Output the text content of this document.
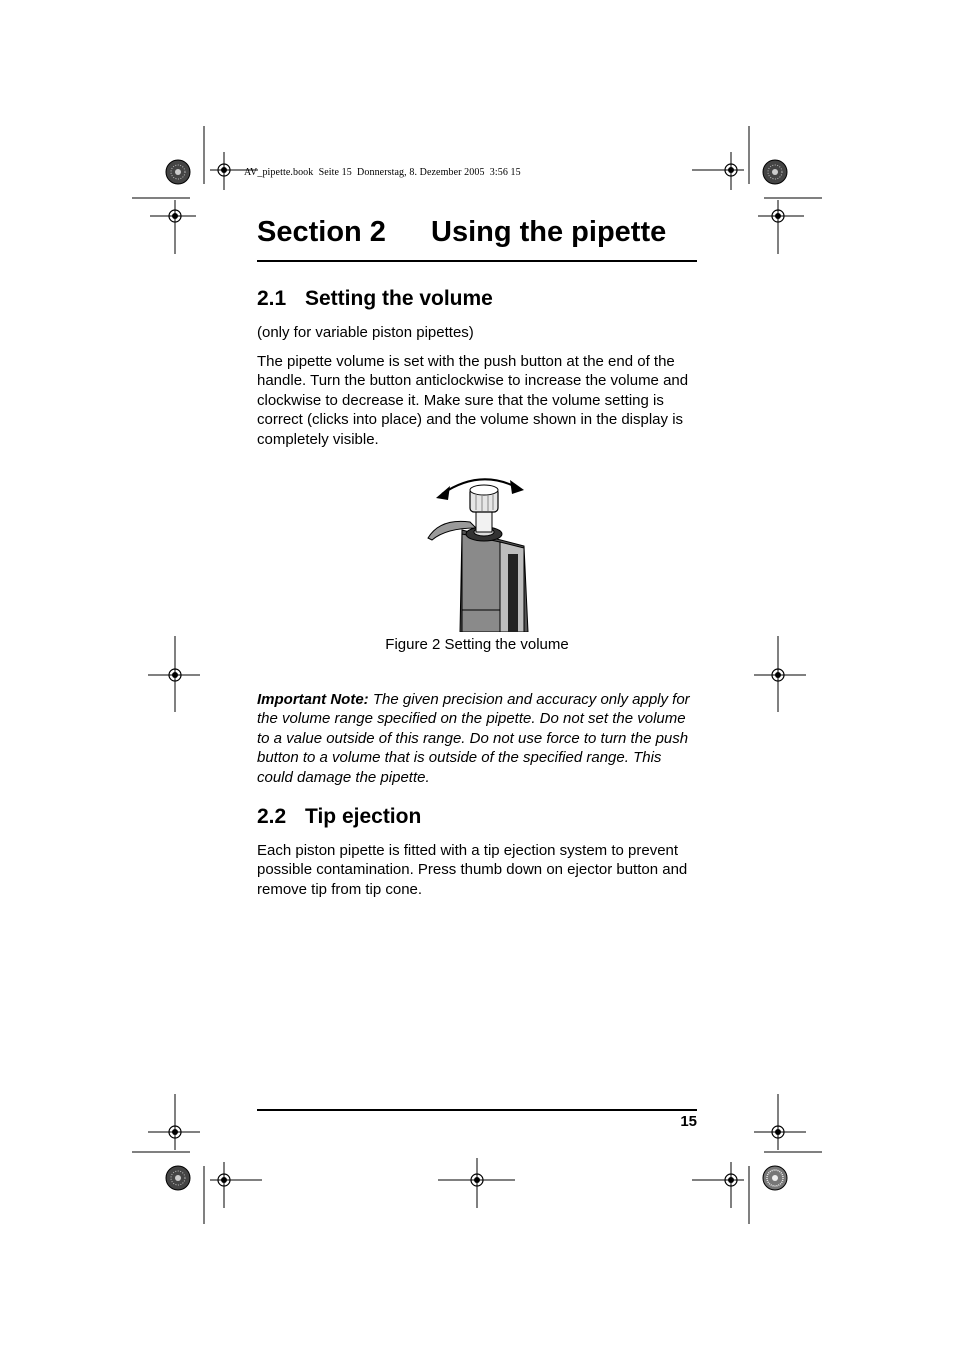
AV_pipette.book  Seite 15  Donnerstag, 8. Dezember 2005  3:56 15
Section 2 Using the pipette
2.1 Setting the volume
(only for variable piston pipettes)
The pipette volume is set with the push button at the end of the handle. Turn the button anticlockwise to increase the volume and clockwise to decrease it. Make sure that the volume setting is correct (clicks into place) and the volume shown in the display is completely visible.
Figure 2 Setting the volume
Important Note: The given precision and accuracy only apply for the volume range specified on the pipette. Do not set the volume to a value outside of this range. Do not use force to turn the push button to a volume that is outside of the specified range. This could damage the pipette.
2.2 Tip ejection
Each piston pipette is fitted with a tip ejection system to prevent possible contamination. Press thumb down on ejector button and remove tip from tip cone.
15
